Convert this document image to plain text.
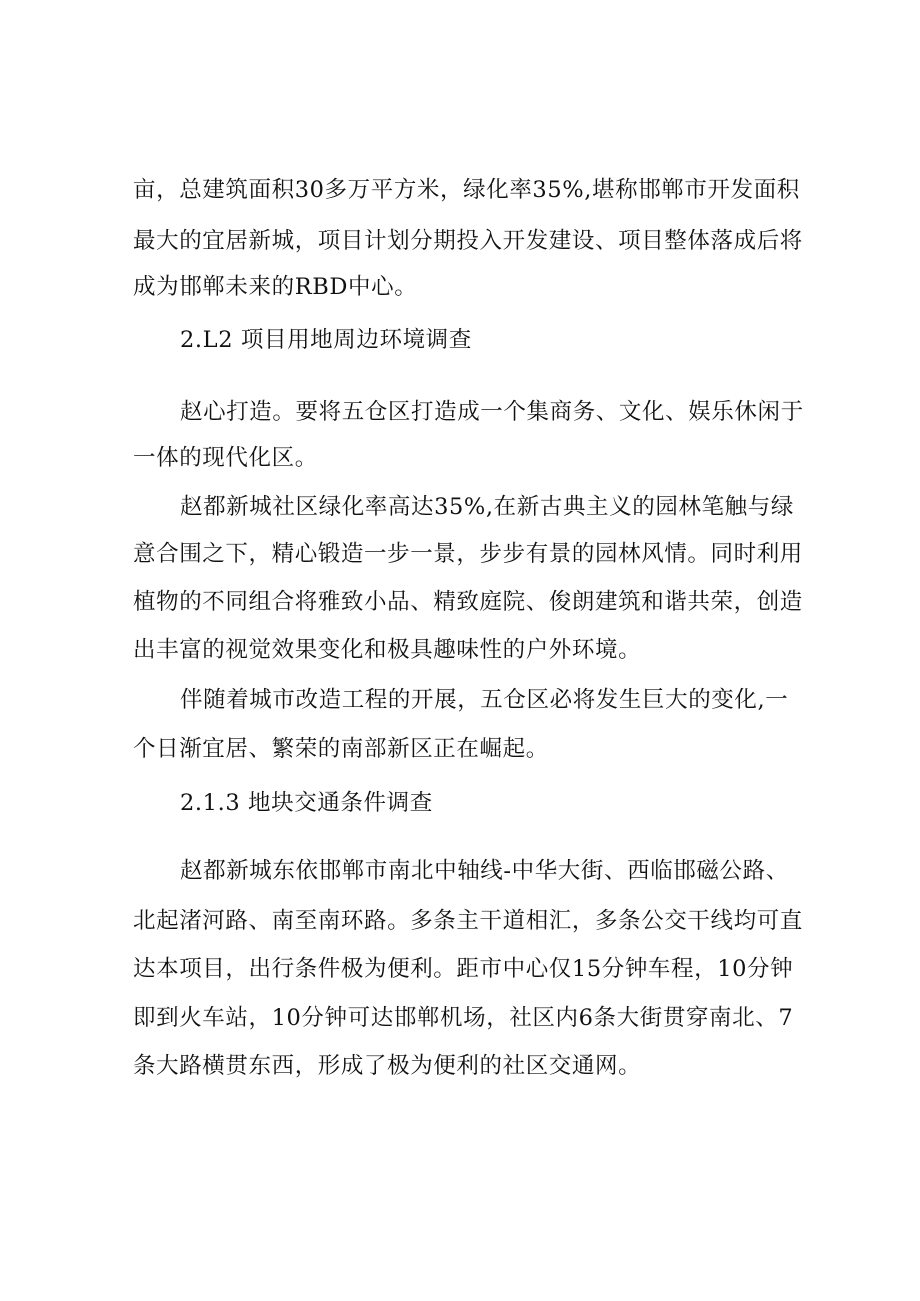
亩，总建筑面积30多万平方米，绿化率35%,堪称邯郸市开发面积
最大的宜居新城，项目计划分期投入开发建设、项目整体落成后将
成为邯郸未来的RBD中心。
2.L2 项目用地周边环境调查
赵心打造。要将五仓区打造成一个集商务、文化、娱乐休闲于
一体的现代化区。
赵都新城社区绿化率高达35%,在新古典主义的园林笔触与绿
意合围之下，精心锻造一步一景，步步有景的园林风情。同时利用
植物的不同组合将雅致小品、精致庭院、俊朗建筑和谐共荣，创造
出丰富的视觉效果变化和极具趣味性的户外环境。
伴随着城市改造工程的开展，五仓区必将发生巨大的变化,一
个日渐宜居、繁荣的南部新区正在崛起。
2.1.3 地块交通条件调查
赵都新城东依邯郸市南北中轴线-中华大街、西临邯磁公路、
北起渚河路、南至南环路。多条主干道相汇，多条公交干线均可直
达本项目，出行条件极为便利。距市中心仅15分钟车程，10分钟
即到火车站，10分钟可达邯郸机场，社区内6条大街贯穿南北、7
条大路横贯东西，形成了极为便利的社区交通网。
